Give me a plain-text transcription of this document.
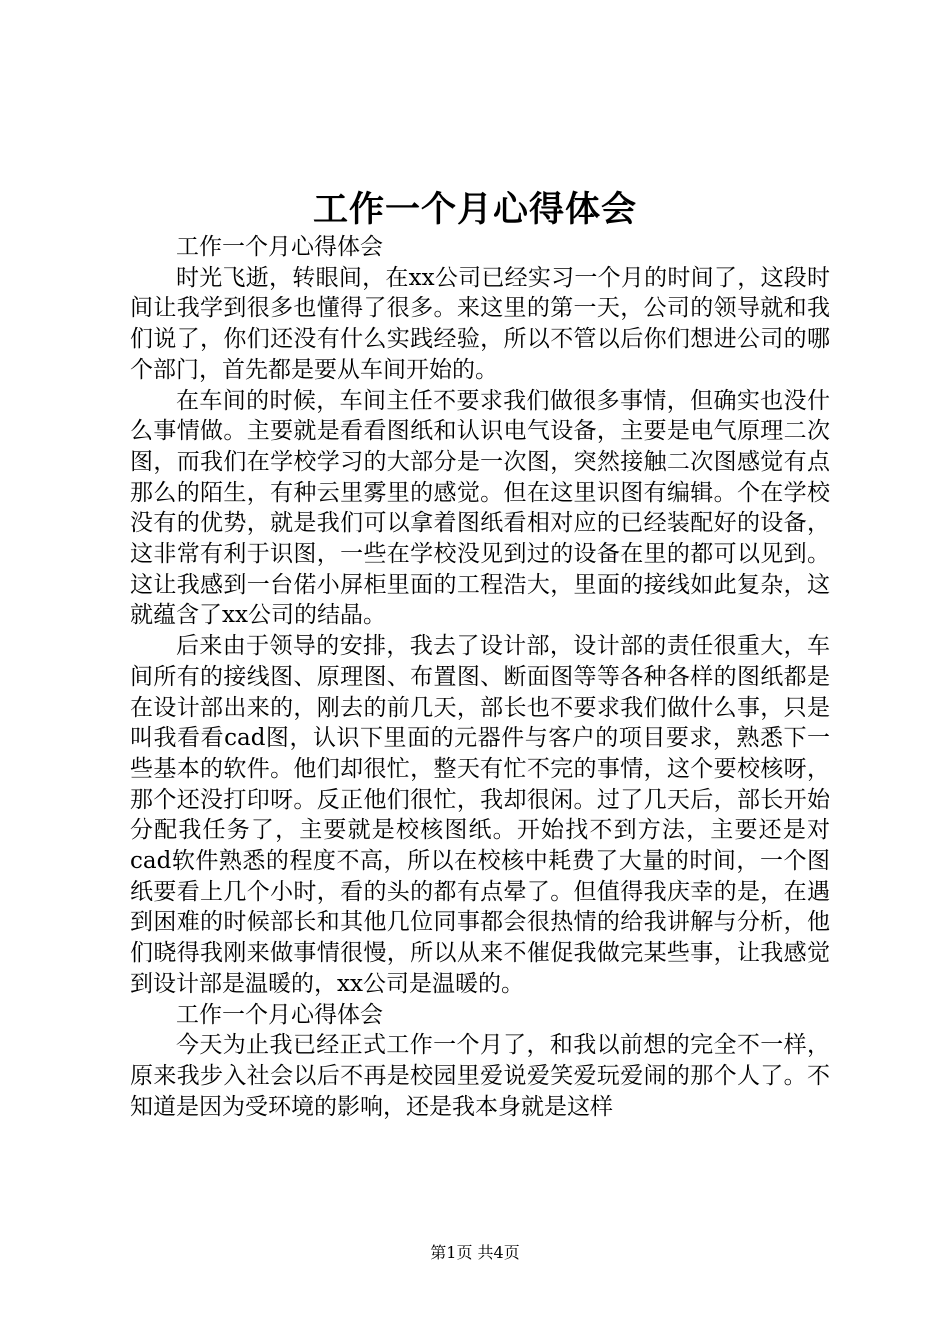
工作一个月心得体会

工作一个月心得体会

时光飞逝，转眼间，在xx公司已经实习一个月的时间了，这段时间让我学到很多也懂得了很多。来这里的第一天，公司的领导就和我们说了，你们还没有什么实践经验，所以不管以后你们想进公司的哪个部门，首先都是要从车间开始的。

在车间的时候，车间主任不要求我们做很多事情，但确实也没什么事情做。主要就是看看图纸和认识电气设备，主要是电气原理二次图，而我们在学校学习的大部分是一次图，突然接触二次图感觉有点那么的陌生，有种云里雾里的感觉。但在这里识图有编辑。个在学校没有的优势，就是我们可以拿着图纸看相对应的已经装配好的设备，这非常有利于识图，一些在学校没见到过的设备在里的都可以见到。这让我感到一台偌小屏柜里面的工程浩大，里面的接线如此复杂，这就蕴含了xx公司的结晶。

后来由于领导的安排，我去了设计部，设计部的责任很重大，车间所有的接线图、原理图、布置图、断面图等等各种各样的图纸都是在设计部出来的，刚去的前几天，部长也不要求我们做什么事，只是叫我看看cad图，认识下里面的元器件与客户的项目要求，熟悉下一些基本的软件。他们却很忙，整天有忙不完的事情，这个要校核呀，那个还没打印呀。反正他们很忙，我却很闲。过了几天后，部长开始分配我任务了，主要就是校核图纸。开始找不到方法，主要还是对cad软件熟悉的程度不高，所以在校核中耗费了大量的时间，一个图纸要看上几个小时，看的头的都有点晕了。但值得我庆幸的是，在遇到困难的时候部长和其他几位同事都会很热情的给我讲解与分析，他们晓得我刚来做事情很慢，所以从来不催促我做完某些事，让我感觉到设计部是温暖的，xx公司是温暖的。

工作一个月心得体会

今天为止我已经正式工作一个月了，和我以前想的完全不一样，原来我步入社会以后不再是校园里爱说爱笑爱玩爱闹的那个人了。不知道是因为受环境的影响，还是我本身就是这样

第1页 共4页
